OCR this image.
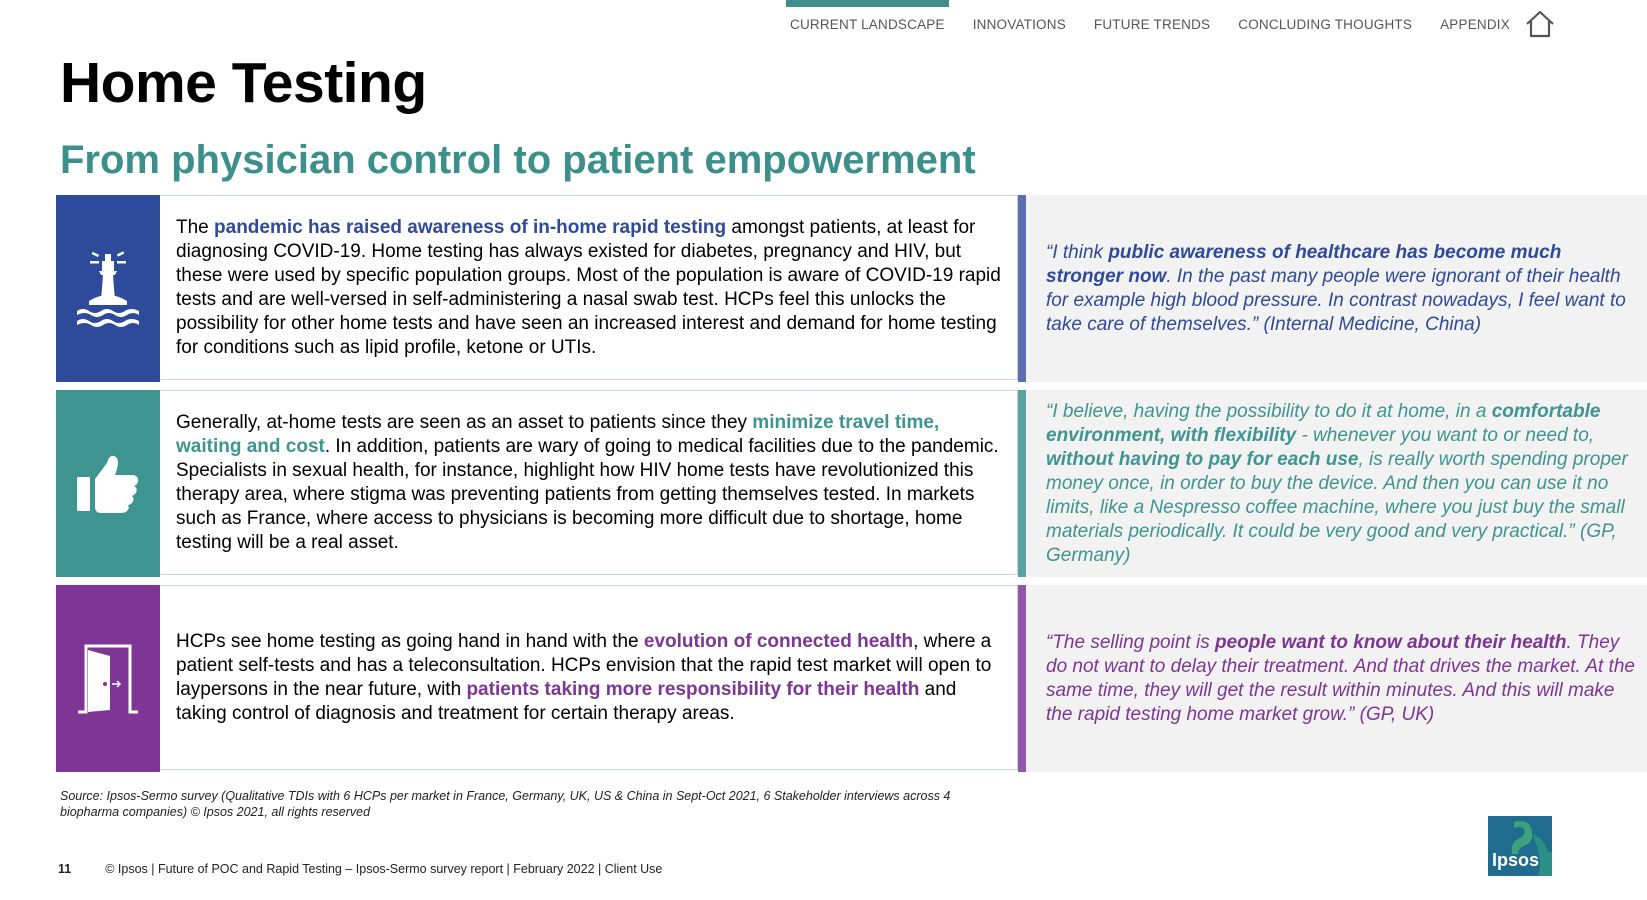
CURRENT LANDSCAPE INNOVATIONS FUTURE TRENDS CONCLUDING THOUGHTS APPENDIX
Home Testing
From physician control to patient empowerment

The pandemic has raised awareness of in-home rapid testing amongst patients, at least for diagnosing COVID-19. Home testing has always existed for diabetes, pregnancy and HIV, but these were used by specific population groups. Most of the population is aware of COVID-19 rapid tests and are well-versed in self-administering a nasal swab test. HCPs feel this unlocks the possibility for other home tests and have seen an increased interest and demand for home testing for conditions such as lipid profile, ketone or UTIs.

“I think public awareness of healthcare has become much stronger now. In the past many people were ignorant of their health for example high blood pressure. In contrast nowadays, I feel want to take care of themselves.” (Internal Medicine, China)

Generally, at-home tests are seen as an asset to patients since they minimize travel time, waiting and cost. In addition, patients are wary of going to medical facilities due to the pandemic. Specialists in sexual health, for instance, highlight how HIV home tests have revolutionized this therapy area, where stigma was preventing patients from getting themselves tested. In markets such as France, where access to physicians is becoming more difficult due to shortage, home testing will be a real asset.

“I believe, having the possibility to do it at home, in a comfortable environment, with flexibility - whenever you want to or need to, without having to pay for each use, is really worth spending proper money once, in order to buy the device. And then you can use it no limits, like a Nespresso coffee machine, where you just buy the small materials periodically. It could be very good and very practical.” (GP, Germany)

HCPs see home testing as going hand in hand with the evolution of connected health, where a patient self-tests and has a teleconsultation. HCPs envision that the rapid test market will open to laypersons in the near future, with patients taking more responsibility for their health and taking control of diagnosis and treatment for certain therapy areas.

“The selling point is people want to know about their health. They do not want to delay their treatment. And that drives the market. At the same time, they will get the result within minutes. And this will make the rapid testing home market grow.” (GP, UK)

Source: Ipsos-Sermo survey (Qualitative TDIs with 6 HCPs per market in France, Germany, UK, US & China in Sept-Oct 2021, 6 Stakeholder interviews across 4 biopharma companies) © Ipsos 2021, all rights reserved

11	© Ipsos | Future of POC and Rapid Testing – Ipsos-Sermo survey report | February 2022 | Client Use	Ipsos
